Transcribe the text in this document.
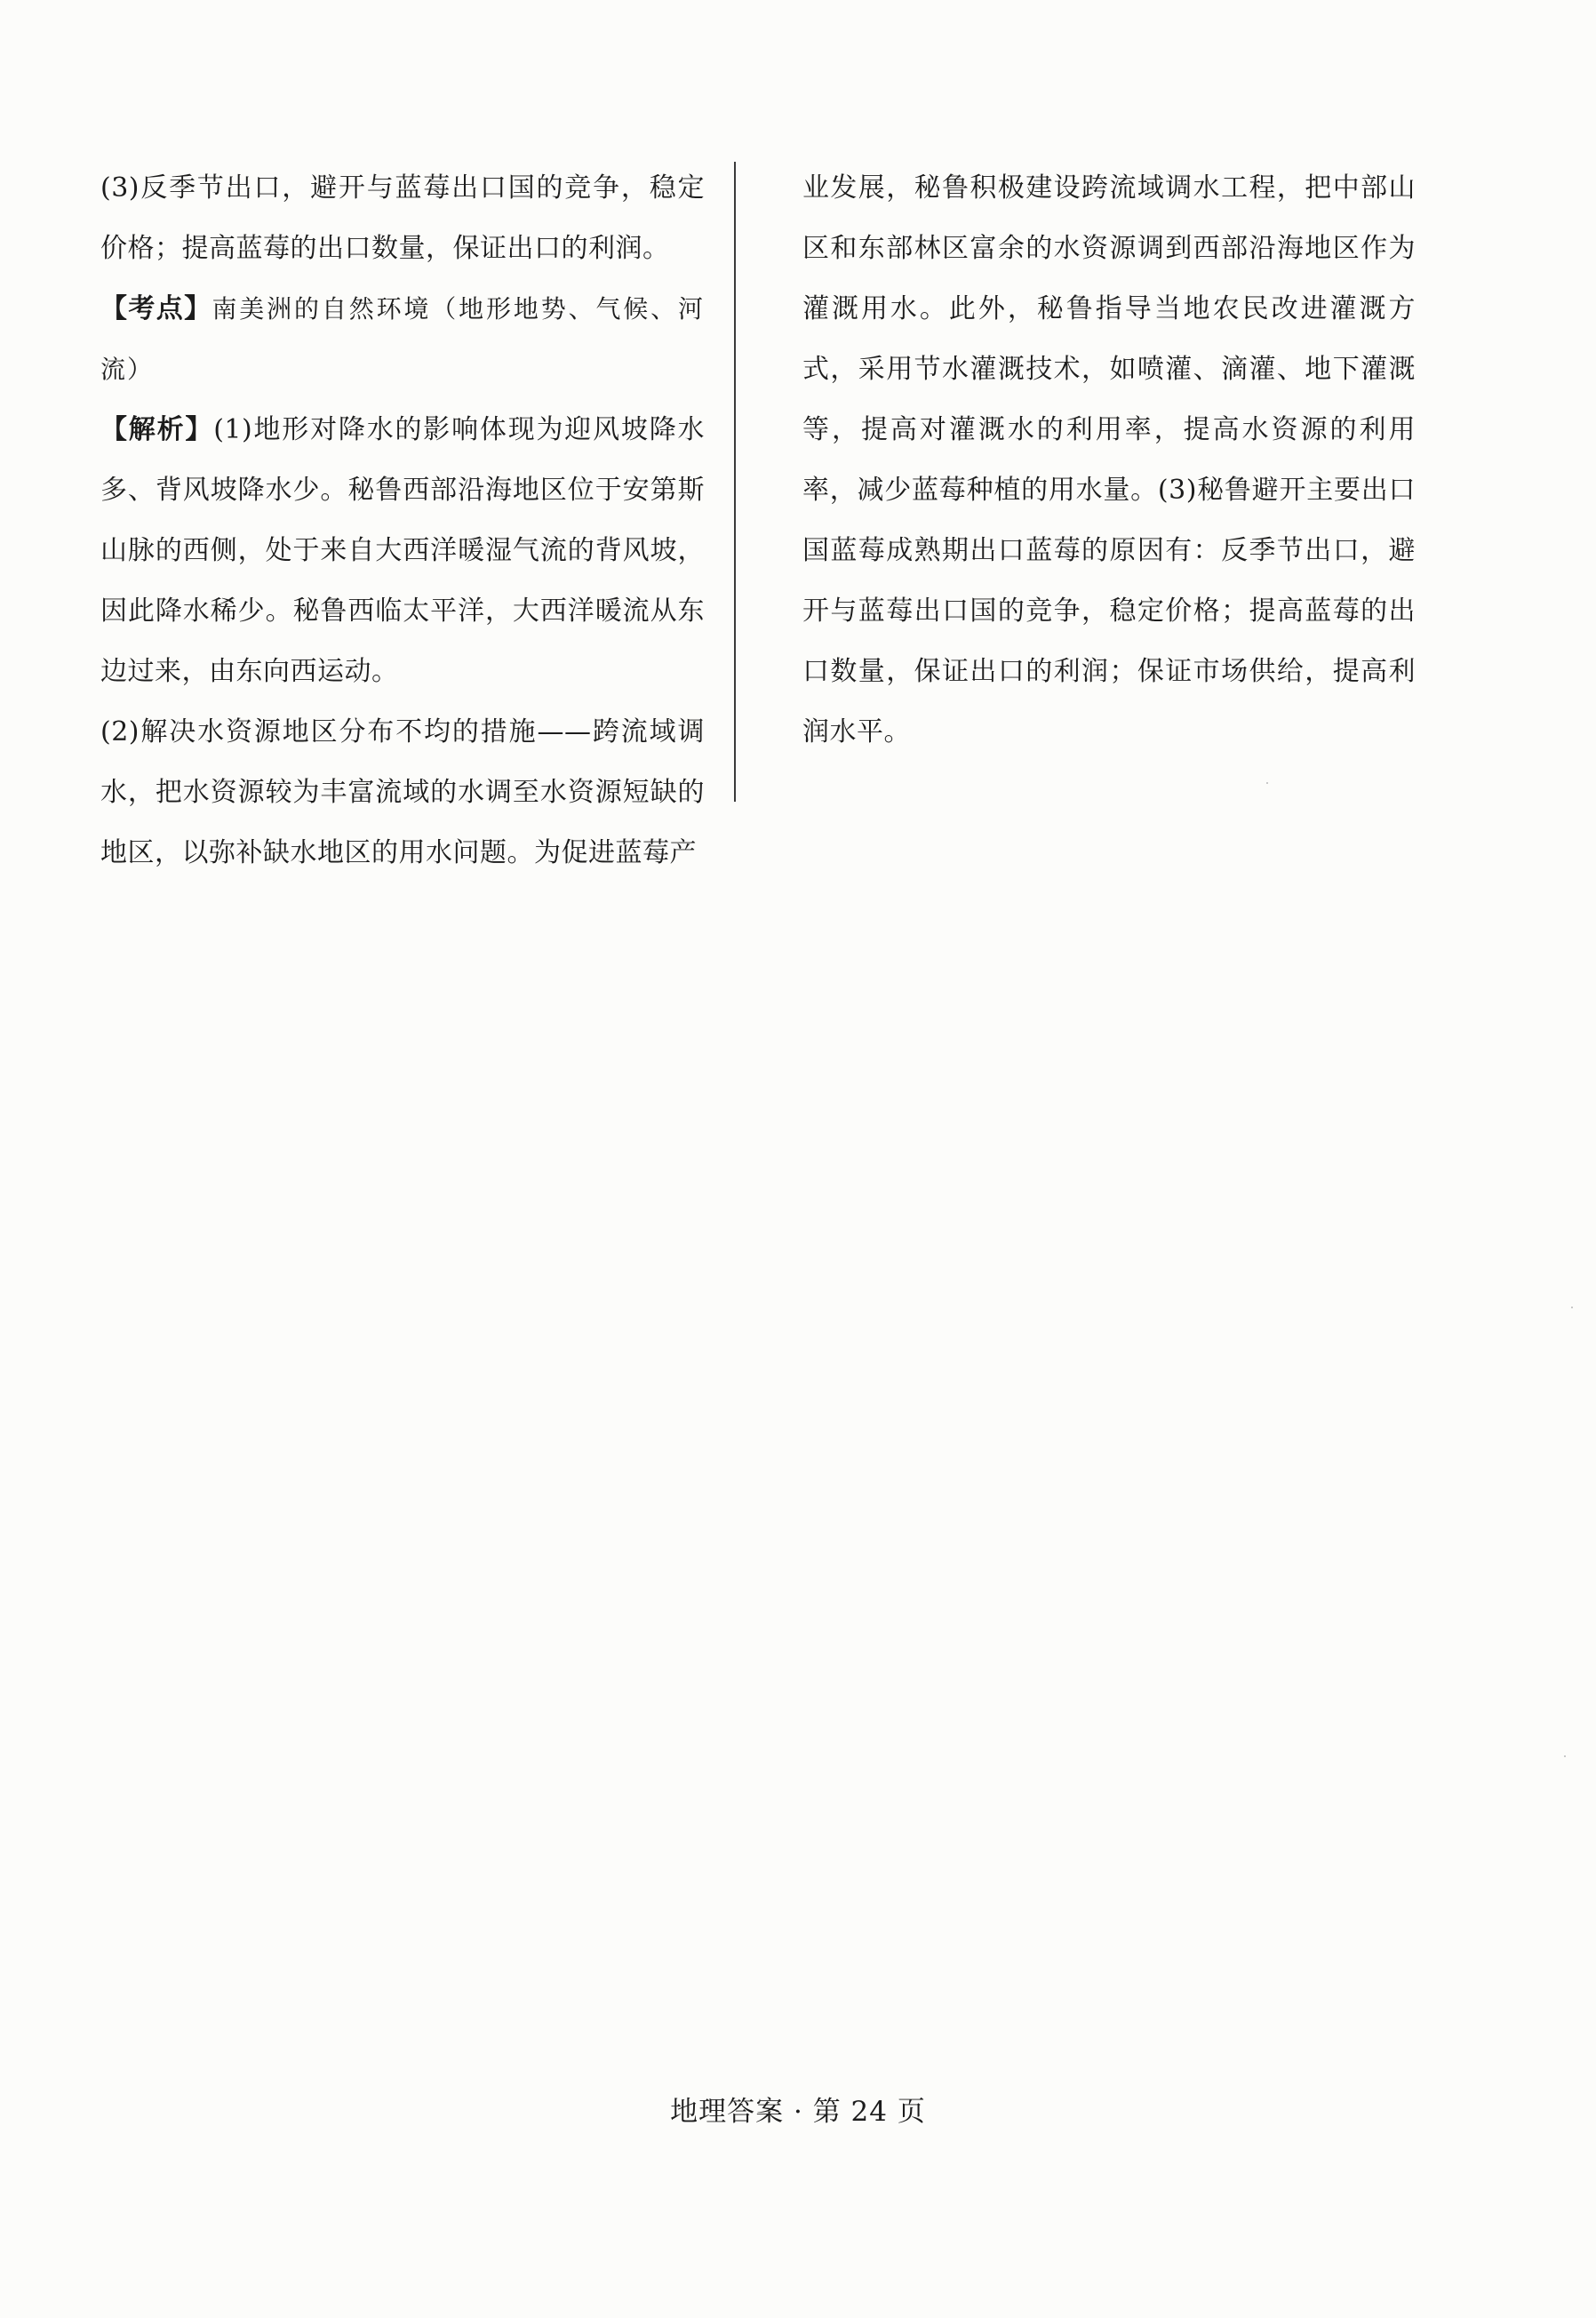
(3)反季节出口，避开与蓝莓出口国的竞争，稳定价格；提高蓝莓的出口数量，保证出口的利润。

【考点】南美洲的自然环境（地形地势、气候、河流）

【解析】(1)地形对降水的影响体现为迎风坡降水多、背风坡降水少。秘鲁西部沿海地区位于安第斯山脉的西侧，处于来自大西洋暖湿气流的背风坡，因此降水稀少。秘鲁西临太平洋，大西洋暖流从东边过来，由东向西运动。

(2)解决水资源地区分布不均的措施——跨流域调水，把水资源较为丰富流域的水调至水资源短缺的地区，以弥补缺水地区的用水问题。为促进蓝莓产

业发展，秘鲁积极建设跨流域调水工程，把中部山区和东部林区富余的水资源调到西部沿海地区作为灌溉用水。此外，秘鲁指导当地农民改进灌溉方式，采用节水灌溉技术，如喷灌、滴灌、地下灌溉等，提高对灌溉水的利用率，提高水资源的利用率，减少蓝莓种植的用水量。(3)秘鲁避开主要出口国蓝莓成熟期出口蓝莓的原因有：反季节出口，避开与蓝莓出口国的竞争，稳定价格；提高蓝莓的出口数量，保证出口的利润；保证市场供给，提高利润水平。

地理答案 · 第 24 页
